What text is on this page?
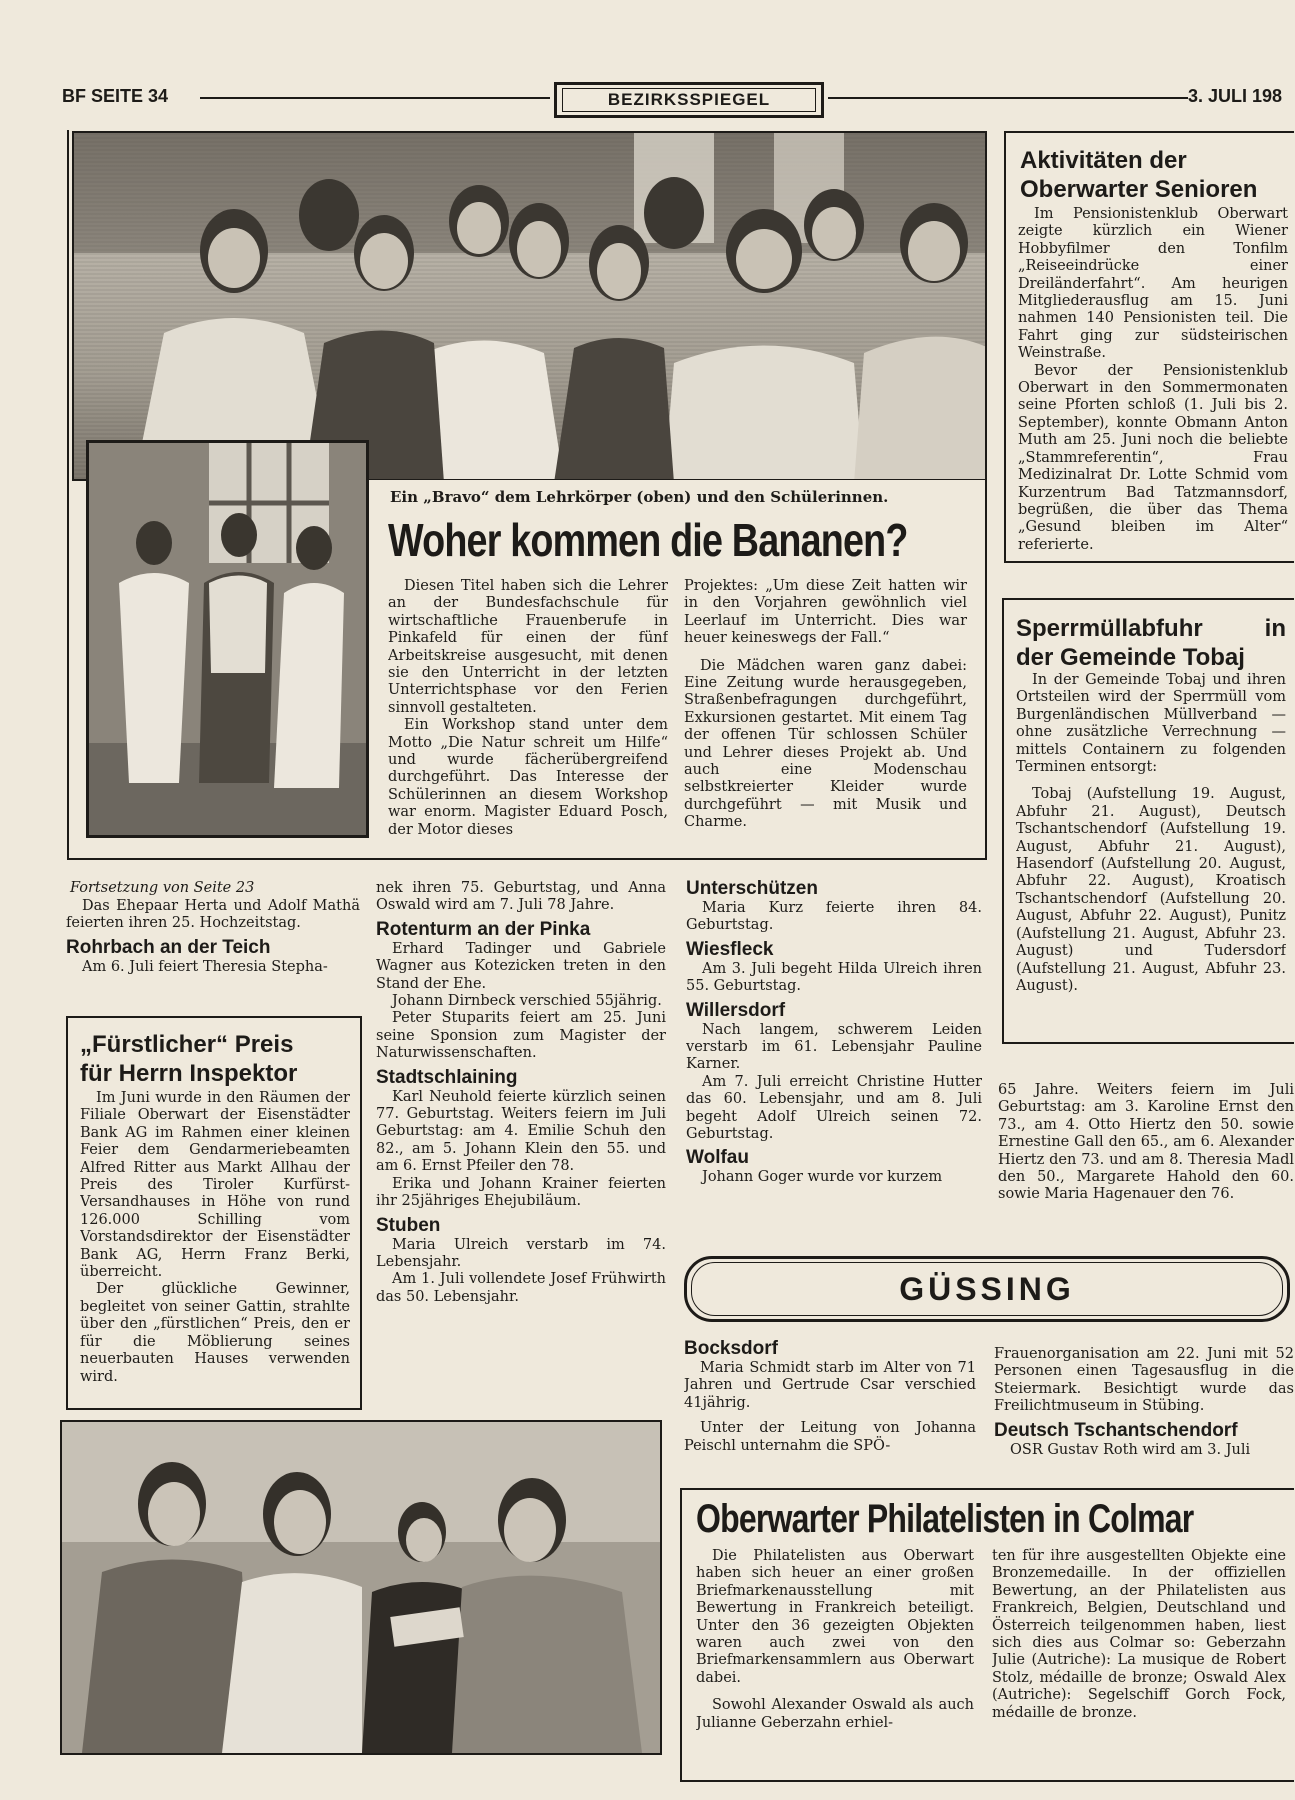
BF SEITE 34	BEZIRKSSPIEGEL	3. JULI 198
Ein „Bravo“ dem Lehrkörper (oben) und den Schülerinnen.
Woher kommen die Bananen?

Diesen Titel haben sich die Lehrer an der Bundesfachschule für wirtschaftliche Frauenberufe in Pinkafeld für einen der fünf Arbeitskreise ausgesucht, mit denen sie den Unterricht in der letzten Unterrichtsphase vor den Ferien sinnvoll gestalteten.

Ein Workshop stand unter dem Motto „Die Natur schreit um Hilfe“ und wurde fächerübergreifend durchgeführt. Das Interesse der Schülerinnen an diesem Workshop war enorm. Magister Eduard Posch, der Motor dieses

Projektes: „Um diese Zeit hatten wir in den Vorjahren gewöhnlich viel Leerlauf im Unterricht. Dies war heuer keineswegs der Fall.“

Die Mädchen waren ganz dabei: Eine Zeitung wurde herausgegeben, Straßenbefragungen durchgeführt, Exkursionen gestartet. Mit einem Tag der offenen Tür schlossen Schüler und Lehrer dieses Projekt ab. Und auch eine Modenschau selbstkreierter Kleider wurde durchgeführt — mit Musik und Charme.

Aktivitäten der
Oberwarter Senioren

Im Pensionistenklub Oberwart zeigte kürzlich ein Wiener Hobbyfilmer den Tonfilm „Reiseeindrücke einer Dreiländerfahrt“. Am heurigen Mitgliederausflug am 15. Juni nahmen 140 Pensionisten teil. Die Fahrt ging zur südsteirischen Weinstraße.

Bevor der Pensionistenklub Oberwart in den Sommermonaten seine Pforten schloß (1. Juli bis 2. September), konnte Obmann Anton Muth am 25. Juni noch die beliebte „Stammreferentin“, Frau Medizinalrat Dr. Lotte Schmid vom Kurzentrum Bad Tatzmannsdorf, begrüßen, die über das Thema „Gesund bleiben im Alter“ referierte.

Sperrmüllabfuhr in
der Gemeinde Tobaj

In der Gemeinde Tobaj und ihren Ortsteilen wird der Sperrmüll vom Burgenländischen Müllverband — ohne zusätzliche Verrechnung — mittels Containern zu folgenden Terminen entsorgt:

Tobaj (Aufstellung 19. August, Abfuhr 21. August), Deutsch Tschantschendorf (Aufstellung 19. August, Abfuhr 21. August), Hasendorf (Aufstellung 20. August, Abfuhr 22. August), Kroatisch Tschantschendorf (Aufstellung 20. August, Abfuhr 22. August), Punitz (Aufstellung 21. August, Abfuhr 23. August) und Tudersdorf (Aufstellung 21. August, Abfuhr 23. August).

Fortsetzung von Seite 23

Das Ehepaar Herta und Adolf Mathä feierten ihren 25. Hochzeitstag.

Rohrbach an der Teich

Am 6. Juli feiert Theresia Stepha-

„Fürstlicher“ Preis
für Herrn Inspektor

Im Juni wurde in den Räumen der Filiale Oberwart der Eisenstädter Bank AG im Rahmen einer kleinen Feier dem Gendarmeriebeamten Alfred Ritter aus Markt Allhau der Preis des Tiroler Kurfürst-Versandhauses in Höhe von rund 126.000 Schilling vom Vorstandsdirektor der Eisenstädter Bank AG, Herrn Franz Berki, überreicht.

Der glückliche Gewinner, begleitet von seiner Gattin, strahlte über den „fürstlichen“ Preis, den er für die Möblierung seines neuerbauten Hauses verwenden wird.

nek ihren 75. Geburtstag, und Anna Oswald wird am 7. Juli 78 Jahre.

Rotenturm an der Pinka

Erhard Tadinger und Gabriele Wagner aus Kotezicken treten in den Stand der Ehe.

Johann Dirnbeck verschied 55jährig.

Peter Stuparits feiert am 25. Juni seine Sponsion zum Magister der Naturwissenschaften.

Stadtschlaining

Karl Neuhold feierte kürzlich seinen 77. Geburtstag. Weiters feiern im Juli Geburtstag: am 4. Emilie Schuh den 82., am 5. Johann Klein den 55. und am 6. Ernst Pfeiler den 78.

Erika und Johann Krainer feierten ihr 25jähriges Ehejubiläum.

Stuben

Maria Ulreich verstarb im 74. Lebensjahr.

Am 1. Juli vollendete Josef Frühwirth das 50. Lebensjahr.

Unterschützen

Maria Kurz feierte ihren 84. Geburtstag.

Wiesfleck

Am 3. Juli begeht Hilda Ulreich ihren 55. Geburtstag.

Willersdorf

Nach langem, schwerem Leiden verstarb im 61. Lebensjahr Pauline Karner.

Am 7. Juli erreicht Christine Hutter das 60. Lebensjahr, und am 8. Juli begeht Adolf Ulreich seinen 72. Geburtstag.

Wolfau

Johann Goger wurde vor kurzem

65 Jahre. Weiters feiern im Juli Geburtstag: am 3. Karoline Ernst den 73., am 4. Otto Hiertz den 50. sowie Ernestine Gall den 65., am 6. Alexander Hiertz den 73. und am 8. Theresia Madl den 50., Margarete Hahold den 60. sowie Maria Hagenauer den 76.

GÜSSING
Bocksdorf

Maria Schmidt starb im Alter von 71 Jahren und Gertrude Csar verschied 41jährig.

Unter der Leitung von Johanna Peischl unternahm die SPÖ-

Frauenorganisation am 22. Juni mit 52 Personen einen Tagesausflug in die Steiermark. Besichtigt wurde das Freilichtmuseum in Stübing.

Deutsch Tschantschendorf

OSR Gustav Roth wird am 3. Juli

Oberwarter Philatelisten in Colmar

Die Philatelisten aus Oberwart haben sich heuer an einer großen Briefmarkenausstellung mit Bewertung in Frankreich beteiligt. Unter den 36 gezeigten Objekten waren auch zwei von den Briefmarkensammlern aus Oberwart dabei.

Sowohl Alexander Oswald als auch Julianne Geberzahn erhiel-

ten für ihre ausgestellten Objekte eine Bronzemedaille. In der offiziellen Bewertung, an der Philatelisten aus Frankreich, Belgien, Deutschland und Österreich teilgenommen haben, liest sich dies aus Colmar so: Geberzahn Julie (Autriche): La musique de Robert Stolz, médaille de bronze; Oswald Alex (Autriche): Segelschiff Gorch Fock, médaille de bronze.
